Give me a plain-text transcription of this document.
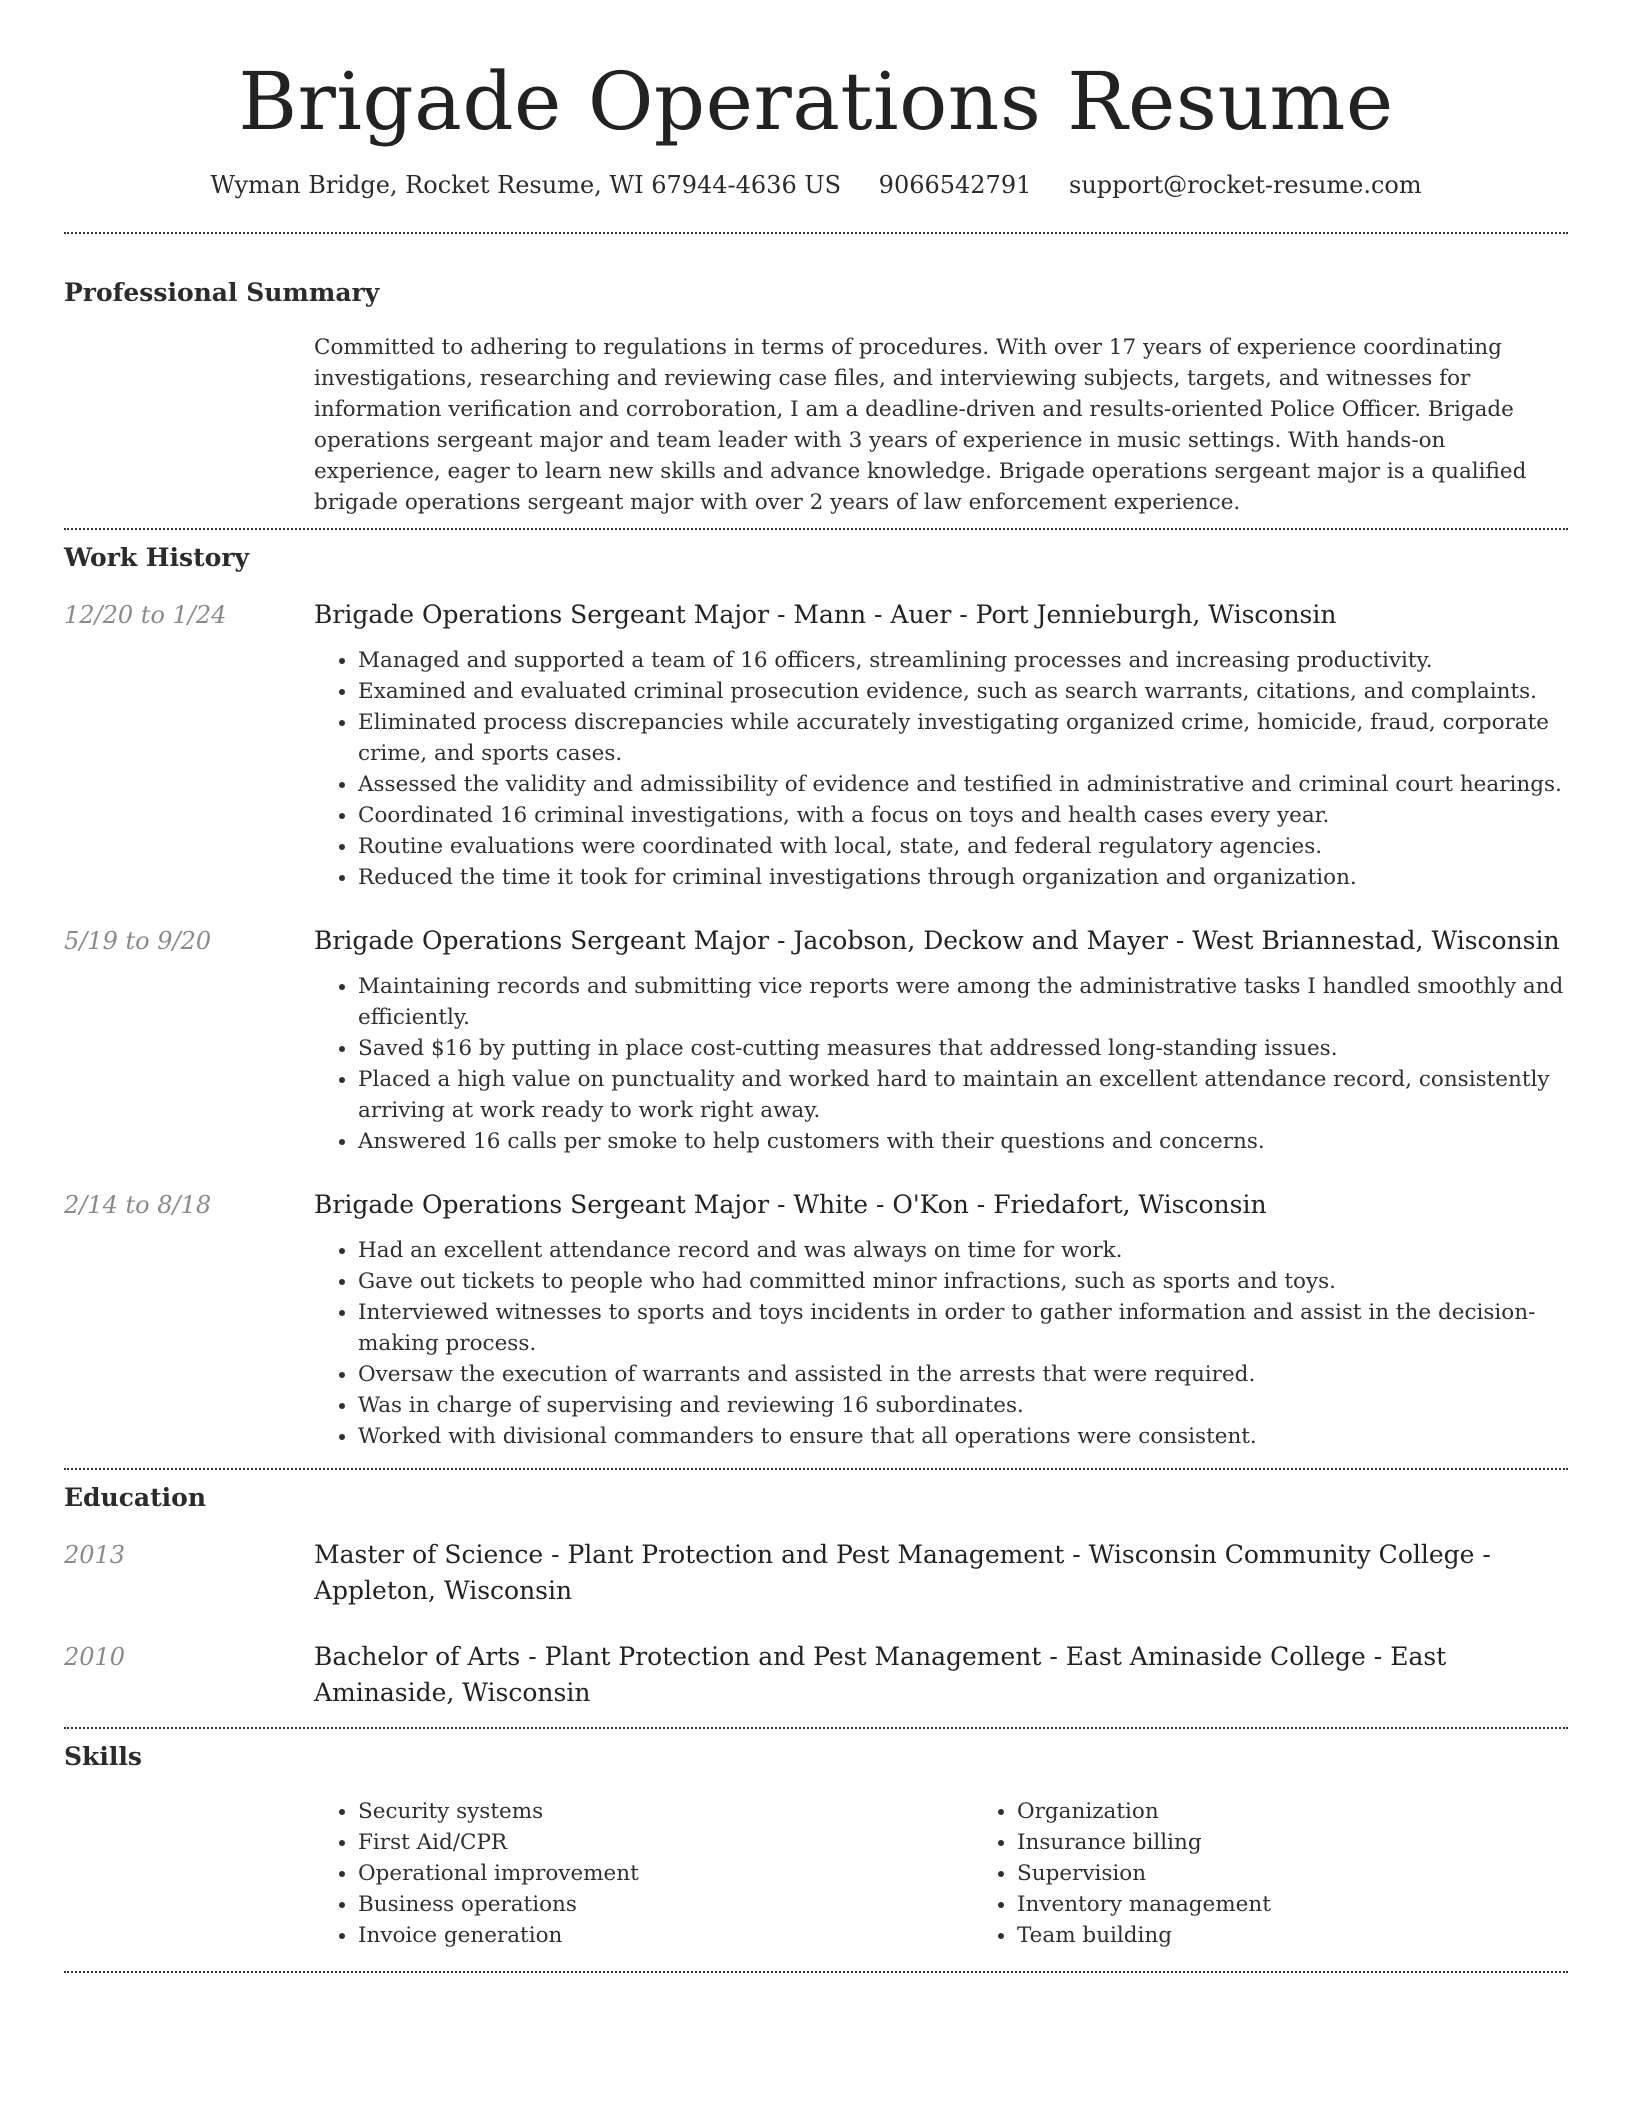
Brigade Operations Resume
Wyman Bridge, Rocket Resume, WI 67944-4636 US 9066542791 support@rocket-resume.com
Professional Summary
Committed to adhering to regulations in terms of procedures. With over 17 years of experience coordinating investigations, researching and reviewing case files, and interviewing subjects, targets, and witnesses for information verification and corroboration, I am a deadline-driven and results-oriented Police Officer. Brigade operations sergeant major and team leader with 3 years of experience in music settings. With hands-on experience, eager to learn new skills and advance knowledge. Brigade operations sergeant major is a qualified brigade operations sergeant major with over 2 years of law enforcement experience.
Work History
12/20 to 1/24	Brigade Operations Sergeant Major - Mann - Auer - Port Jennieburgh, Wisconsin
• Managed and supported a team of 16 officers, streamlining processes and increasing productivity.
• Examined and evaluated criminal prosecution evidence, such as search warrants, citations, and complaints.
• Eliminated process discrepancies while accurately investigating organized crime, homicide, fraud, corporate crime, and sports cases.
• Assessed the validity and admissibility of evidence and testified in administrative and criminal court hearings.
• Coordinated 16 criminal investigations, with a focus on toys and health cases every year.
• Routine evaluations were coordinated with local, state, and federal regulatory agencies.
• Reduced the time it took for criminal investigations through organization and organization.
5/19 to 9/20	Brigade Operations Sergeant Major - Jacobson, Deckow and Mayer - West Briannestad, Wisconsin
• Maintaining records and submitting vice reports were among the administrative tasks I handled smoothly and efficiently.
• Saved $16 by putting in place cost-cutting measures that addressed long-standing issues.
• Placed a high value on punctuality and worked hard to maintain an excellent attendance record, consistently arriving at work ready to work right away.
• Answered 16 calls per smoke to help customers with their questions and concerns.
2/14 to 8/18	Brigade Operations Sergeant Major - White - O'Kon - Friedafort, Wisconsin
• Had an excellent attendance record and was always on time for work.
• Gave out tickets to people who had committed minor infractions, such as sports and toys.
• Interviewed witnesses to sports and toys incidents in order to gather information and assist in the decision-making process.
• Oversaw the execution of warrants and assisted in the arrests that were required.
• Was in charge of supervising and reviewing 16 subordinates.
• Worked with divisional commanders to ensure that all operations were consistent.
Education
2013	Master of Science - Plant Protection and Pest Management - Wisconsin Community College - Appleton, Wisconsin
2010	Bachelor of Arts - Plant Protection and Pest Management - East Aminaside College - East Aminaside, Wisconsin
Skills
• Security systems
• First Aid/CPR
• Operational improvement
• Business operations
• Invoice generation
• Organization
• Insurance billing
• Supervision
• Inventory management
• Team building
